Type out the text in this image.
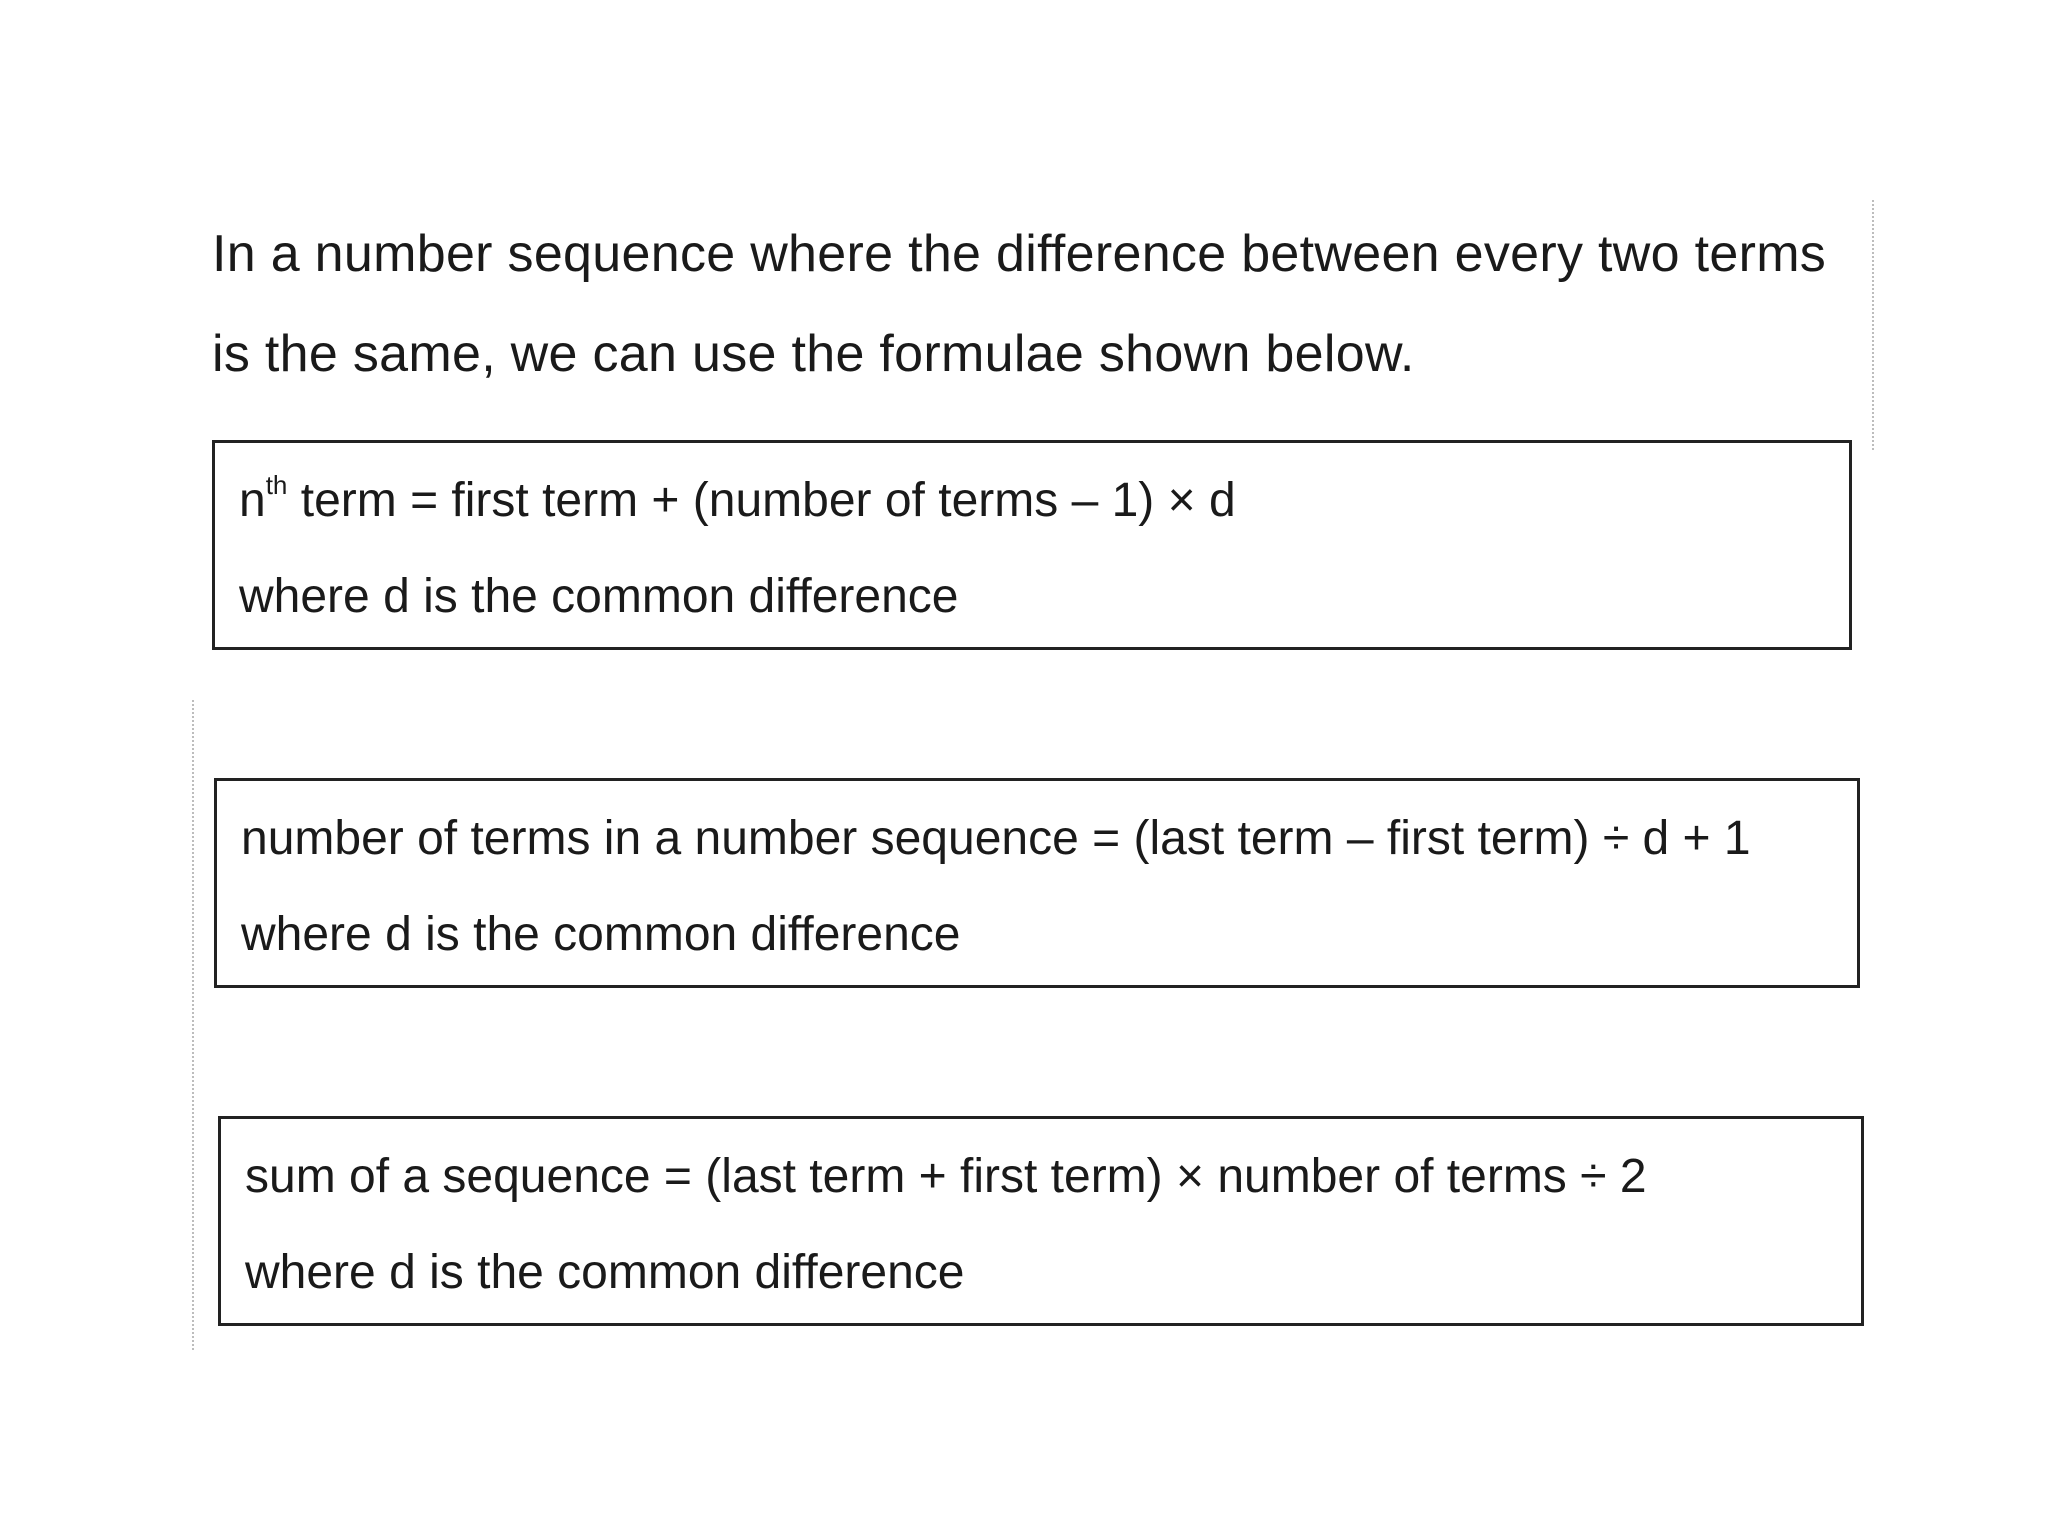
In a number sequence where the difference between every two terms

is the same, we can use the formulae shown below.

$n^{th}$ term = first term + (number of terms – 1) × d

where d is the common difference

number of terms in a number sequence = (last term – first term) ÷ d + 1

where d is the common difference

sum of a sequence = (last term + first term) × number of terms ÷ 2

where d is the common difference
